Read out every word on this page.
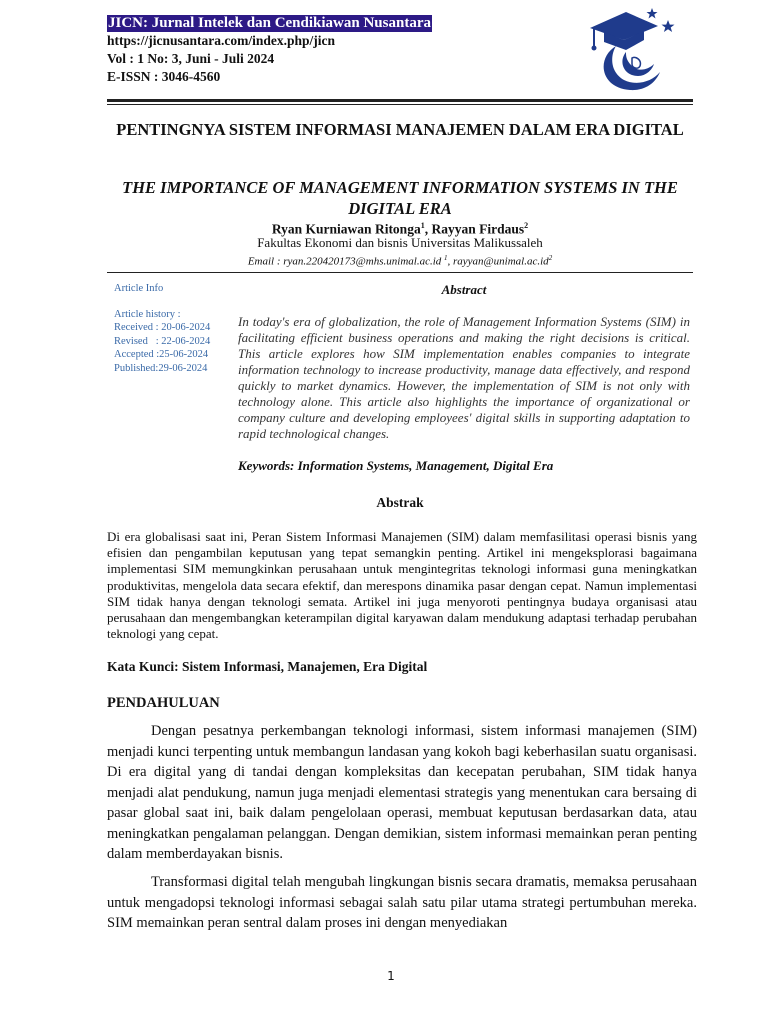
JICN: Jurnal Intelek dan Cendikiawan Nusantara
https://jicnusantara.com/index.php/jicn
Vol : 1 No: 3, Juni - Juli 2024
E-ISSN : 3046-4560
PENTINGNYA SISTEM INFORMASI MANAJEMEN DALAM ERA DIGITAL
THE IMPORTANCE OF MANAGEMENT INFORMATION SYSTEMS IN THE DIGITAL ERA
Ryan Kurniawan Ritonga$^1$, Rayyan Firdaus$^2$
Fakultas Ekonomi dan bisnis Universitas Malikussaleh
Email : ryan.220420173@mhs.unimal.ac.id $^1$, $rayyan@unimal.ac.id^2$
Article Info
Article history :
Received : 20-06-2024
Revised   : 22-06-2024
Accepted :25-06-2024
Published:29-06-2024
Abstract
In today's era of globalization, the role of Management Information Systems (SIM) in facilitating efficient business operations and making the right decisions is critical. This article explores how SIM implementation enables companies to integrate information technology to increase productivity, manage data effectively, and respond quickly to market dynamics. However, the implementation of SIM is not only with technology alone. This article also highlights the importance of organizational or company culture and developing employees' digital skills in supporting adaptation to rapid technological changes.
Keywords: Information Systems, Management, Digital Era
Abstrak
Di era globalisasi saat ini, Peran Sistem Informasi Manajemen (SIM) dalam memfasilitasi operasi bisnis yang efisien dan pengambilan keputusan yang tepat semangkin penting. Artikel ini mengeksplorasi bagaimana implementasi SIM memungkinkan perusahaan untuk mengintegritas teknologi informasi guna meningkatkan produktivitas, mengelola data secara efektif, dan merespons dinamika pasar dengan cepat. Namun implementasi SIM tidak hanya dengan teknologi semata. Artikel ini juga menyoroti pentingnya budaya organisasi atau perusahaan dan mengembangkan keterampilan digital karyawan dalam mendukung adaptasi terhadap perubahan teknologi yang cepat.
Kata Kunci: Sistem Informasi, Manajemen, Era Digital
PENDAHULUAN
Dengan pesatnya perkembangan teknologi informasi, sistem informasi manajemen (SIM) menjadi kunci terpenting untuk membangun landasan yang kokoh bagi keberhasilan suatu organisasi. Di era digital yang di tandai dengan kompleksitas dan kecepatan perubahan, SIM tidak hanya menjadi alat pendukung, namun juga menjadi elementasi strategis yang menentukan cara bersaing di pasar global saat ini, baik dalam pengelolaan operasi, membuat keputusan berdasarkan data, atau meningkatkan pengalaman pelanggan. Dengan demikian, sistem informasi memainkan peran penting dalam memberdayakan bisnis.
Transformasi digital telah mengubah lingkungan bisnis secara dramatis, memaksa perusahaan untuk mengadopsi teknologi informasi sebagai salah satu pilar utama strategi pertumbuhan mereka. SIM memainkan peran sentral dalam proses ini dengan menyediakan
1
